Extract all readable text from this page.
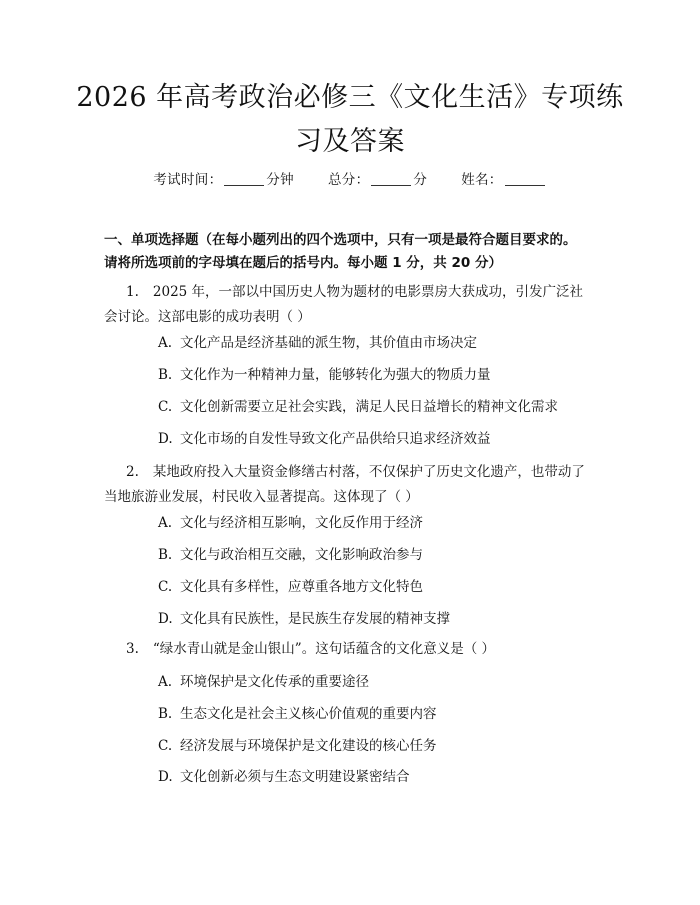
2026 年高考政治必修三《文化生活》专项练
习及答案
考试时间：	分钟	总分：	分	姓名：
一、单项选择题（在每小题列出的四个选项中，只有一项是最符合题目要求的。
请将所选项前的字母填在题后的括号内。每小题 1 分，共 20 分）
1. 2025 年，一部以中国历史人物为题材的电影票房大获成功，引发广泛社
会讨论。这部电影的成功表明（ ）
A. 文化产品是经济基础的派生物，其价值由市场决定
B. 文化作为一种精神力量，能够转化为强大的物质力量
C. 文化创新需要立足社会实践，满足人民日益增长的精神文化需求
D. 文化市场的自发性导致文化产品供给只追求经济效益
2. 某地政府投入大量资金修缮古村落，不仅保护了历史文化遗产，也带动了
当地旅游业发展，村民收入显著提高。这体现了（ ）
A. 文化与经济相互影响，文化反作用于经济
B. 文化与政治相互交融，文化影响政治参与
C. 文化具有多样性，应尊重各地方文化特色
D. 文化具有民族性，是民族生存发展的精神支撑
3. “绿水青山就是金山银山”。这句话蕴含的文化意义是（ ）
A. 环境保护是文化传承的重要途径
B. 生态文化是社会主义核心价值观的重要内容
C. 经济发展与环境保护是文化建设的核心任务
D. 文化创新必须与生态文明建设紧密结合
